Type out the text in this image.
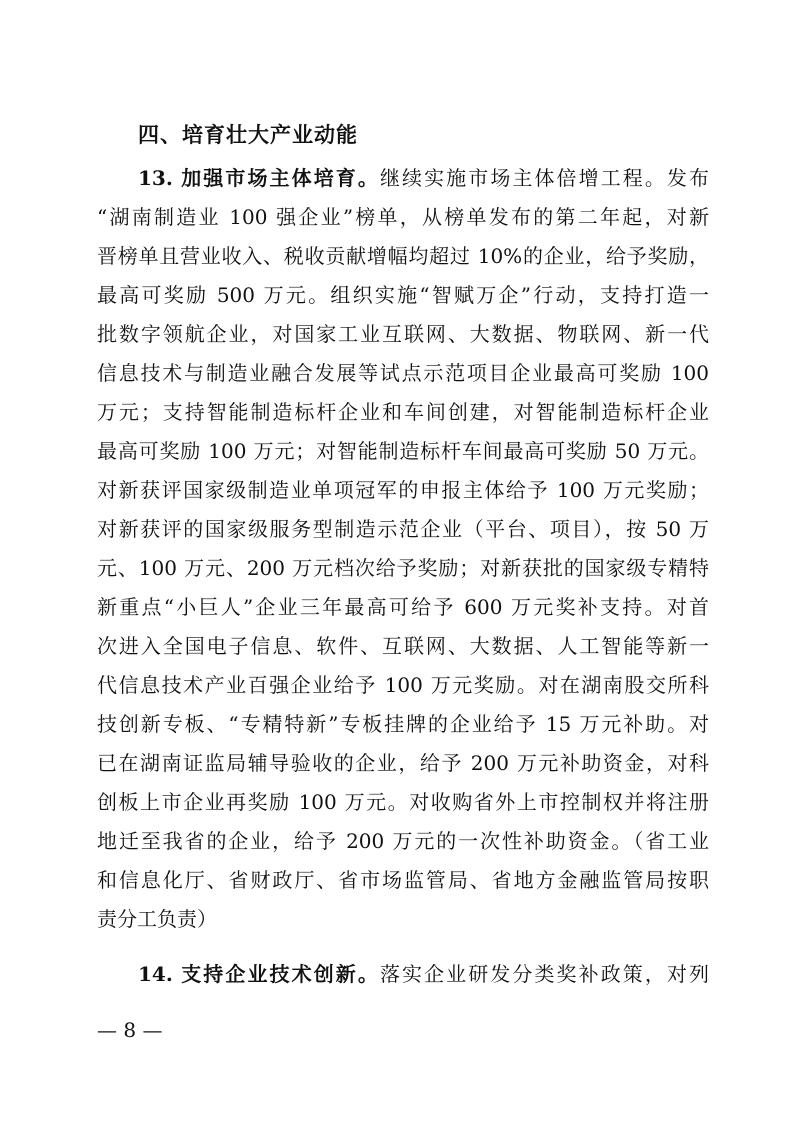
四、培育壮大产业动能
13. 加强市场主体培育。继续实施市场主体倍增工程。发布
“湖南制造业 100 强企业”榜单，从榜单发布的第二年起，对新
晋榜单且营业收入、税收贡献增幅均超过 10%的企业，给予奖励，
最高可奖励 500 万元。组织实施“智赋万企”行动，支持打造一
批数字领航企业，对国家工业互联网、大数据、物联网、新一代
信息技术与制造业融合发展等试点示范项目企业最高可奖励 100
万元；支持智能制造标杆企业和车间创建，对智能制造标杆企业
最高可奖励 100 万元；对智能制造标杆车间最高可奖励 50 万元。
对新获评国家级制造业单项冠军的申报主体给予 100 万元奖励；
对新获评的国家级服务型制造示范企业（平台、项目），按 50 万
元、100 万元、200 万元档次给予奖励；对新获批的国家级专精特
新重点“小巨人”企业三年最高可给予 600 万元奖补支持。对首
次进入全国电子信息、软件、互联网、大数据、人工智能等新一
代信息技术产业百强企业给予 100 万元奖励。对在湖南股交所科
技创新专板、“专精特新”专板挂牌的企业给予 15 万元补助。对
已在湖南证监局辅导验收的企业，给予 200 万元补助资金，对科
创板上市企业再奖励 100 万元。对收购省外上市控制权并将注册
地迁至我省的企业，给予 200 万元的一次性补助资金。（省工业
和信息化厅、省财政厅、省市场监管局、省地方金融监管局按职
责分工负责）
14. 支持企业技术创新。落实企业研发分类奖补政策，对列
— 8 —
